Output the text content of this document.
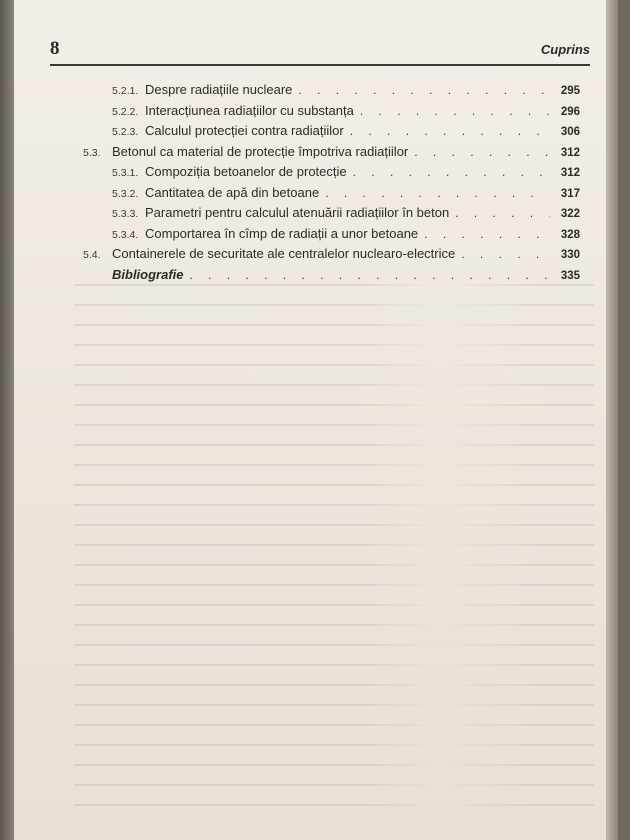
8	Cuprins
5.2.1. Despre radiațiile nucleare . . .	295
5.2.2. Interacțiunea radiațiilor cu substanța . . .	296
5.2.3. Calculul protecției contra radiațiilor . . .	306
5.3. Betonul ca material de protecție împotriva radiațiilor . . .	312
5.3.1. Compoziția betoanelor de protecție . . .	312
5.3.2. Cantitatea de apă din betoane . . .	317
5.3.3. Parametri pentru calculul atenuării radiațiilor în beton . . .	322
5.3.4. Comportarea în cîmp de radiații a unor betoane . . .	328
5.4. Containerele de securitate ale centralelor nuclearo-electrice . . .	330
Bibliografie . . .	335
